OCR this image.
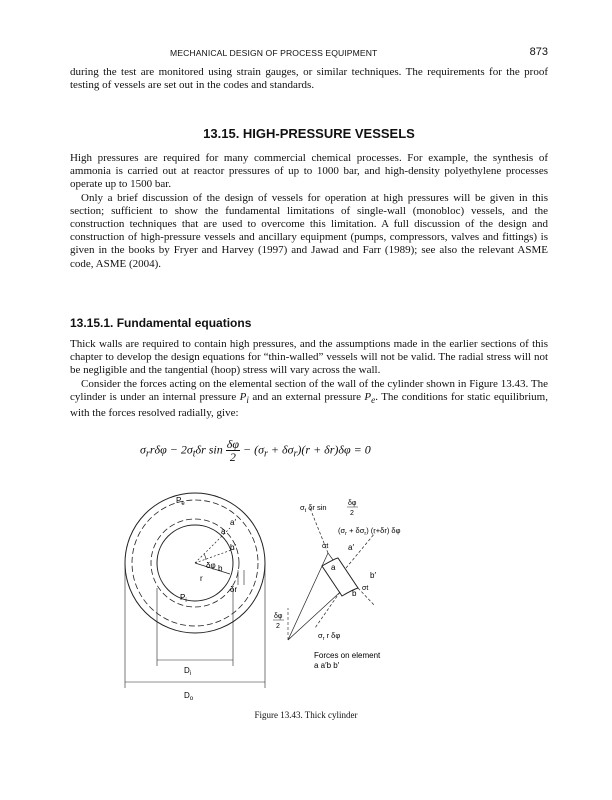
MECHANICAL DESIGN OF PROCESS EQUIPMENT	873

during the test are monitored using strain gauges, or similar techniques. The requirements for the proof testing of vessels are set out in the codes and standards.

13.15. HIGH-PRESSURE VESSELS

High pressures are required for many commercial chemical processes. For example, the synthesis of ammonia is carried out at reactor pressures of up to 1000 bar, and high-density polyethylene processes operate up to 1500 bar.

Only a brief discussion of the design of vessels for operation at high pressures will be given in this section; sufficient to show the fundamental limitations of single-wall (monobloc) vessels, and the construction techniques that are used to overcome this limitation. A full discussion of the design and construction of high-pressure vessels and ancillary equipment (pumps, compressors, valves and fittings) is given in the books by Fryer and Harvey (1997) and Jawad and Farr (1989); see also the relevant ASME code, ASME (2004).

13.15.1. Fundamental equations

Thick walls are required to contain high pressures, and the assumptions made in the earlier sections of this chapter to develop the design equations for “thin-walled” vessels will not be valid. The radial stress will not be negligible and the tangential (hoop) stress will vary across the wall.

Consider the forces acting on the elemental section of the wall of the cylinder shown in Figure 13.43. The cylinder is under an internal pressure $P_i$ and an external pressure $P_e$. The conditions for static equilibrium, with the forces resolved radially, give:

$\sigma_rr\delta\varphi - 2\sigma_t\delta r$ $\sin \frac{\delta\varphi}{2} - (\sigma_r + \delta\sigma_r)(r + \delta r)\delta\varphi = 0$
$P_e$
$P_i$
a
a′
b
b′
r
δr
δφ
$D_i$
$D_o$
$\sigma_t$ δr sin	δφ
2
$(\sigma_r + \delta\sigma_r)$ (r+δr) δφ
a′
a
b′
b
σt
σt
δφ
2
$\sigma_r$ r δφ
Forces on element
a a′b b′
Figure 13.43. Thick cylinder
